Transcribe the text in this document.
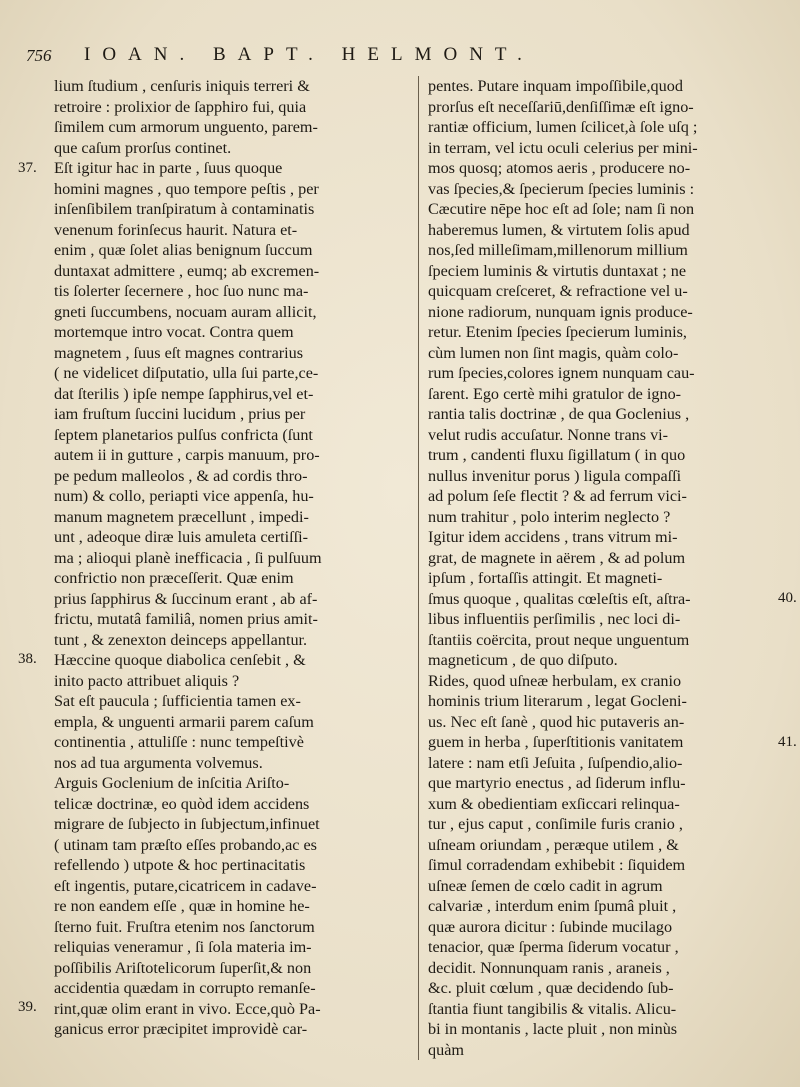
756 IOAN. BAPT. HELMONT.
37.
38.
39.
40.
41.
lium ſtudium , cenſuris iniquis terreri &
retroire : prolixior de ſapphiro fui, quia
ſimilem cum armorum unguento, parem-
que caſum prorſus continet.
Eſt igitur hac in parte , ſuus quoque
homini magnes , quo tempore peſtis , per
inſenſibilem tranſpiratum à contaminatis
venenum forinſecus haurit. Natura et-
enim , quæ ſolet alias benignum ſuccum
duntaxat admittere , eumq; ab excremen-
tis ſolerter ſecernere , hoc ſuo nunc ma-
gneti ſuccumbens, nocuam auram allicit,
mortemque intro vocat. Contra quem
magnetem , ſuus eſt magnes contrarius
( ne videlicet diſputatio, ulla ſui parte,ce-
dat ſterilis ) ipſe nempe ſapphirus,vel et-
iam fruſtum ſuccini lucidum , prius per
ſeptem planetarios pulſus confricta (ſunt
autem ii in gutture , carpis manuum, pro-
pe pedum malleolos , & ad cordis thro-
num) & collo, periapti vice appenſa, hu-
manum magnetem præcellunt , impedi-
unt , adeoque diræ luis amuleta certiſſi-
ma ; alioqui planè inefficacia , ſi pulſuum
confrictio non præceſſerit. Quæ enim
prius ſapphirus & ſuccinum erant , ab af-
frictu, mutatâ familiâ, nomen prius amit-
tunt , & zenexton deinceps appellantur.
Hæccine quoque diabolica cenſebit , &
inito pacto attribuet aliquis ?
Sat eſt paucula ; ſufficientia tamen ex-
empla, & unguenti armarii parem caſum
continentia , attuliſſe : nunc tempeſtivè
nos ad tua argumenta volvemus.
Arguis Goclenium de inſcitia Ariſto-
telicæ doctrinæ, eo quòd idem accidens
migrare de ſubjecto in ſubjectum,infinuet
( utinam tam præſto eſſes probando,ac es
refellendo ) utpote & hoc pertinacitatis
eſt ingentis, putare,cicatricem in cadave-
re non eandem eſſe , quæ in homine he-
ſterno fuit. Fruſtra etenim nos ſanctorum
reliquias veneramur , ſi ſola materia im-
poſſibilis Ariſtotelicorum ſuperſit,& non
accidentia quædam in corrupto remanſe-
rint,quæ olim erant in vivo. Ecce,quò Pa-
ganicus error præcipitet improvidè car-
pentes. Putare inquam impoſſibile,quod
prorſus eſt neceſſariū,denſiſſimæ eſt igno-
rantiæ officium, lumen ſcilicet,à ſole uſq ;
in terram, vel ictu oculi celerius per mini-
mos quosq; atomos aeris , producere no-
vas ſpecies,& ſpecierum ſpecies luminis :
Cæcutire nēpe hoc eſt ad ſole; nam ſi non
haberemus lumen, & virtutem ſolis apud
nos,ſed milleſimam,millenorum millium
ſpeciem luminis & virtutis duntaxat ; ne
quicquam creſceret, & refractione vel u-
nione radiorum, nunquam ignis produce-
retur. Etenim ſpecies ſpecierum luminis,
cùm lumen non ſint magis, quàm colo-
rum ſpecies,colores ignem nunquam cau-
ſarent. Ego certè mihi gratulor de igno-
rantia talis doctrinæ , de qua Goclenius ,
velut rudis accuſatur. Nonne trans vi-
trum , candenti fluxu ſigillatum ( in quo
nullus invenitur porus ) ligula compaſſi
ad polum ſeſe flectit ? & ad ferrum vici-
num trahitur , polo interim neglecto ?
Igitur idem accidens , trans vitrum mi-
grat, de magnete in aërem , & ad polum
ipſum , fortaſſis attingit. Et magneti-
ſmus quoque , qualitas cœleſtis eſt, aſtra-
libus influentiis perſimilis , nec loci di-
ſtantiis coërcita, prout neque unguentum
magneticum , de quo diſputo.
Rides, quod uſneæ herbulam, ex cranio
hominis trium literarum , legat Gocleni-
us. Nec eſt ſanè , quod hic putaveris an-
guem in herba , ſuperſtitionis vanitatem
latere : nam etſi Jeſuita , ſuſpendio,alio-
que martyrio enectus , ad ſiderum influ-
xum & obedientiam exſiccari relinqua-
tur , ejus caput , conſimile furis cranio ,
uſneam oriundam , peræque utilem , &
ſimul corradendam exhibebit : ſiquidem
uſneæ ſemen de cœlo cadit in agrum
calvariæ , interdum enim ſpumâ pluit ,
quæ aurora dicitur : ſubinde mucilago
tenacior, quæ ſperma ſiderum vocatur ,
decidit. Nonnunquam ranis , araneis ,
&c. pluit cœlum , quæ decidendo ſub-
ſtantia fiunt tangibilis & vitalis. Alicu-
bi in montanis , lacte pluit , non minùs
quàm
